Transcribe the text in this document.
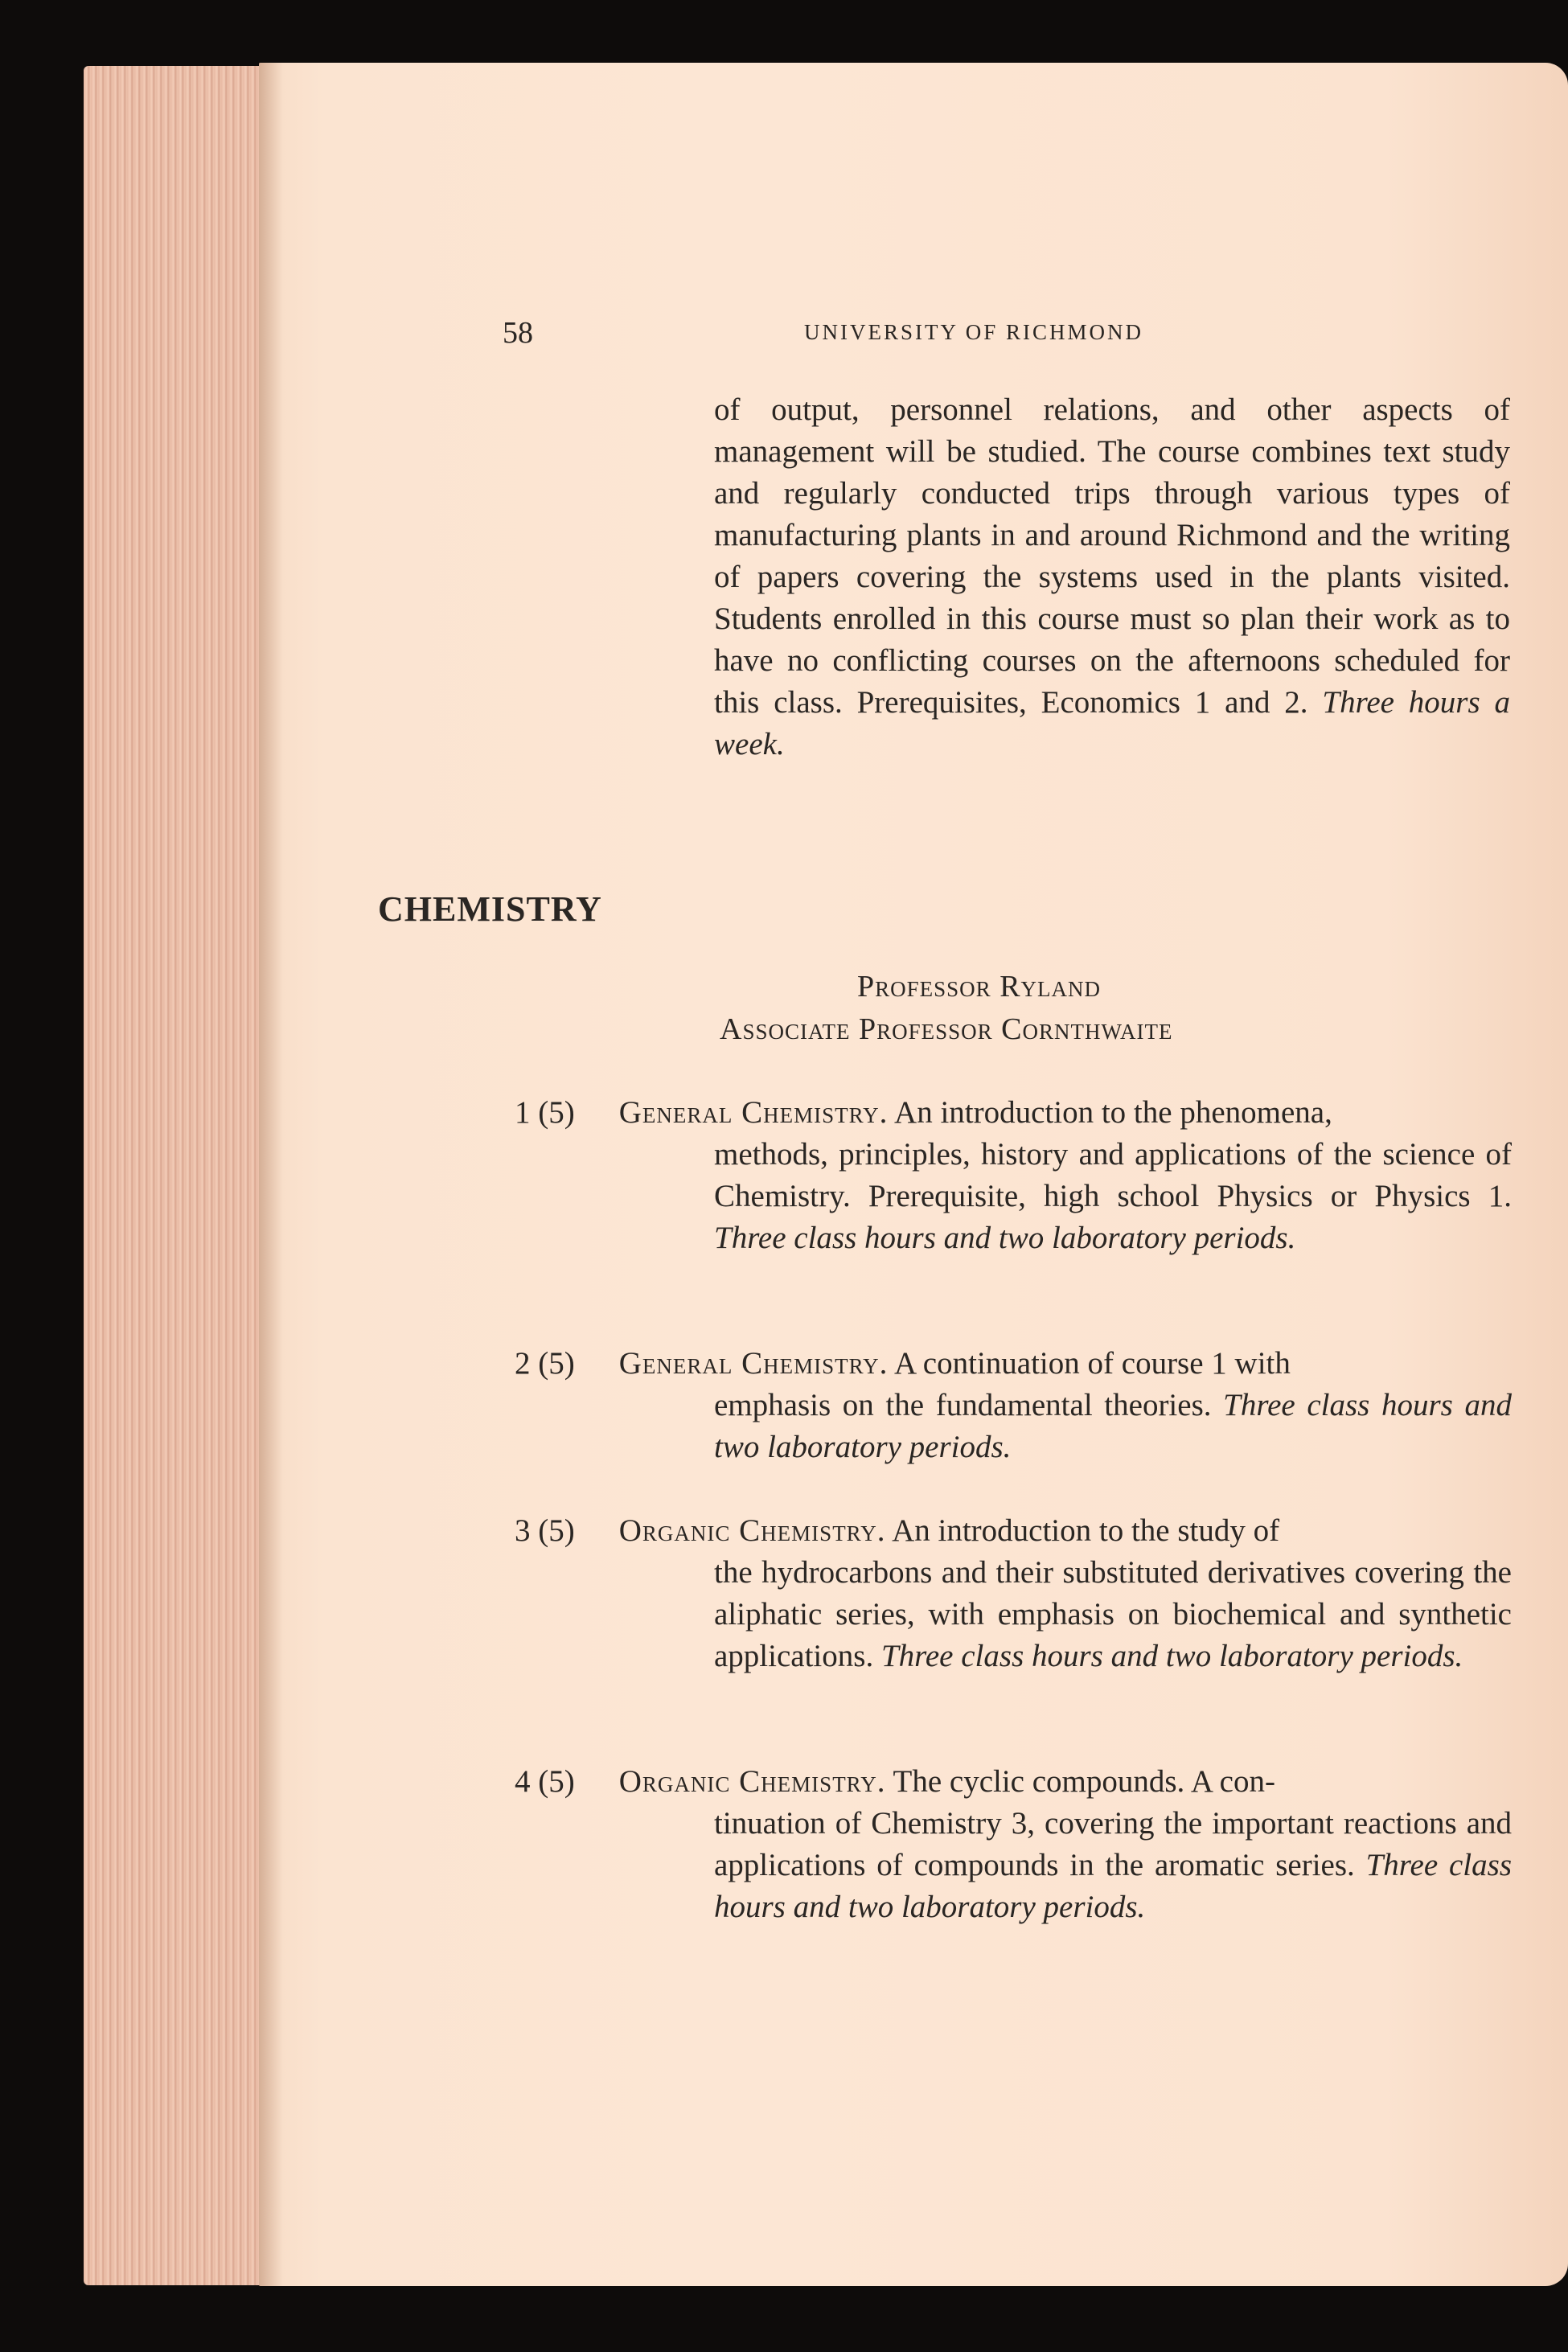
58	UNIVERSITY OF RICHMOND
of output, personnel relations, and other aspects of management will be studied. The course combines text study and regularly conducted trips through various types of manufacturing plants in and around Richmond and the writing of papers covering the systems used in the plants visited. Students enrolled in this course must so plan their work as to have no conflicting courses on the afternoons scheduled for this class. Prerequisites, Economics 1 and 2. Three hours a week.
CHEMISTRY
Professor Ryland
Associate Professor Cornthwaite
1 (5) General Chemistry. An introduction to the phenomena,
methods, principles, history and applications of the science of Chemistry. Prerequisite, high school Physics or Physics 1. Three class hours and two laboratory periods.
2 (5) General Chemistry. A continuation of course 1 with
emphasis on the fundamental theories. Three class hours and two laboratory periods.
3 (5) Organic Chemistry. An introduction to the study of
the hydrocarbons and their substituted derivatives covering the aliphatic series, with emphasis on biochemical and synthetic applications. Three class hours and two laboratory periods.
4 (5) Organic Chemistry. The cyclic compounds. A con-
tinuation of Chemistry 3, covering the important reactions and applications of compounds in the aromatic series. Three class hours and two laboratory periods.
